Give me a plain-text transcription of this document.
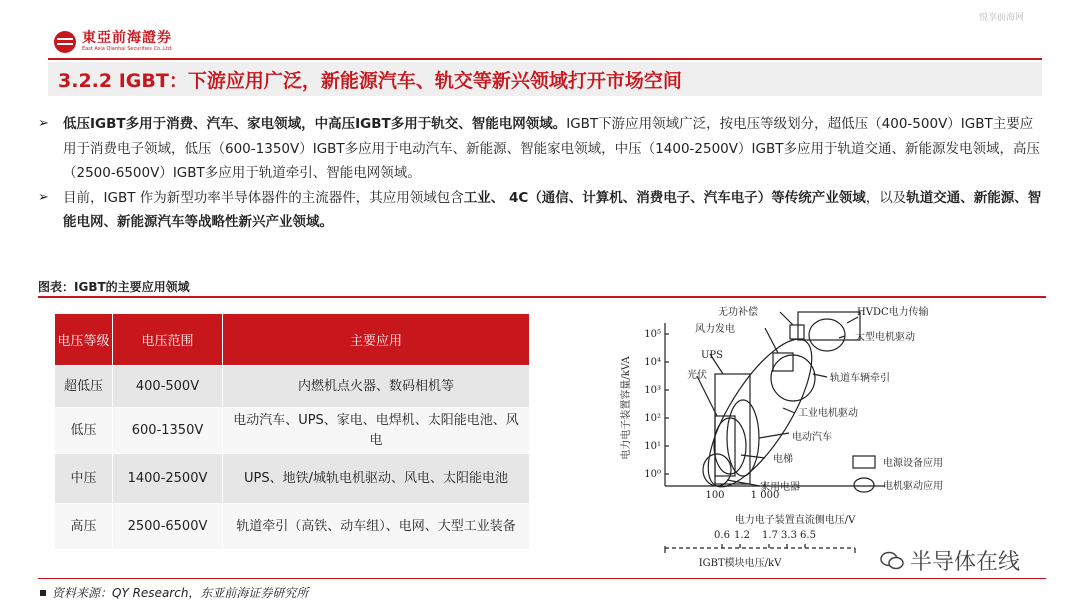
東亞前海證券
East Asia Qianhai Securities Co.,Ltd.
悦享前海网
3.2.2 IGBT：下游应用广泛，新能源汽车、轨交等新兴领域打开市场空间
➢	低压IGBT多用于消费、汽车、家电领域，中高压IGBT多用于轨交、智能电网领域。IGBT下游应用领域广泛，按电压等级划分，超低压（400-500V）IGBT主要应用于消费电子领域，低压（600-1350V）IGBT多应用于电动汽车、新能源、智能家电领域，中压（1400-2500V）IGBT多应用于轨道交通、新能源发电领域，高压（2500-6500V）IGBT多应用于轨道牵引、智能电网领域。

➢	目前，IGBT 作为新型功率半导体器件的主流器件，其应用领域包含工业、 4C（通信、计算机、消费电子、汽车电子）等传统产业领域，以及轨道交通、新能源、智能电网、新能源汽车等战略性新兴产业领域。

图表：IGBT的主要应用领域
电压等级	电压范围	主要应用
超低压	400-500V	内燃机点火器、数码相机等
低压	600-1350V	电动汽车、UPS、家电、电焊机、太阳能电池、风电
中压	1400-2500V	UPS、地铁/城轨电机驱动、风电、太阳能电池
高压	2500-6500V	轨道牵引（高铁、动车组）、电网、大型工业装备
10⁰
10¹
10²
10³
10⁴
10⁵
电力电子装置容量/kVA
100	1 000
电力电子装置直流侧电压/V
0.6 1.2 1.7 3.3 6.5
IGBT模块电压/kV
无功补偿	HVDC电力传输
风力发电
大型电机驱动
UPS
光伏	轨道车辆牵引
工业电机驱动
电动汽车
电梯
家用电器
电源设备应用
电机驱动应用
资料来源：QY Research，东亚前海证券研究所
半导体在线
